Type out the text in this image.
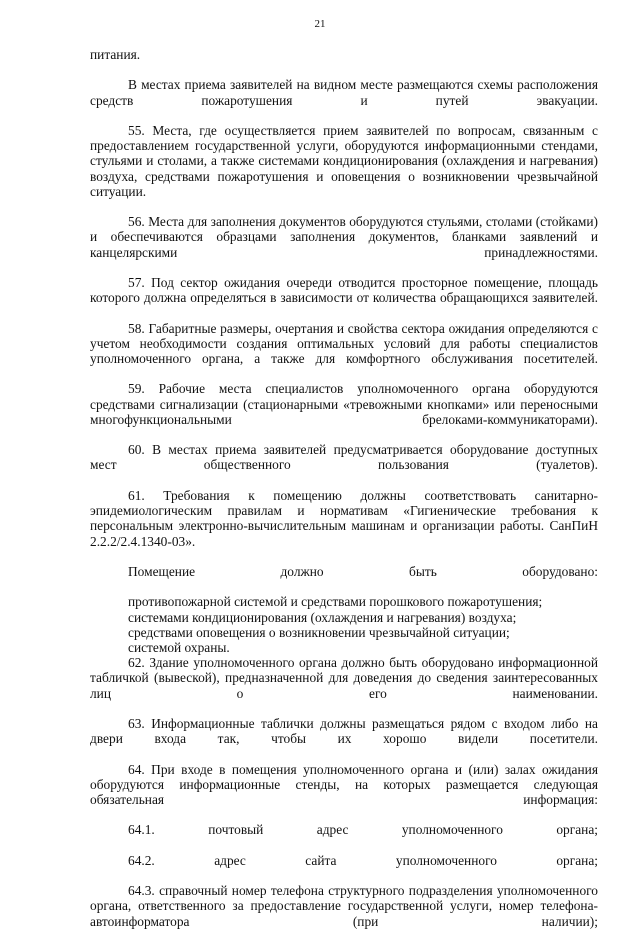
21

питания.

В местах приема заявителей на видном месте размещаются схемы расположения средств пожаротушения и путей эвакуации.

55. Места, где осуществляется прием заявителей по вопросам, связанным с предоставлением государственной услуги, оборудуются информационными стендами, стульями и столами, а также системами кондиционирования (охлаждения и нагревания) воздуха, средствами пожаротушения и оповещения о возникновении чрезвычайной ситуации.

56. Места для заполнения документов оборудуются стульями, столами (стойками) и обеспечиваются образцами заполнения документов, бланками заявлений и канцелярскими принадлежностями.

57. Под сектор ожидания очереди отводится просторное помещение, площадь которого должна определяться в зависимости от количества обращающихся заявителей.

58. Габаритные размеры, очертания и свойства сектора ожидания определяются с учетом необходимости создания оптимальных условий для работы специалистов уполномоченного органа, а также для комфортного обслуживания посетителей.

59. Рабочие места специалистов уполномоченного органа оборудуются средствами сигнализации (стационарными «тревожными кнопками» или переносными многофункциональными брелоками-коммуникаторами).

60. В местах приема заявителей предусматривается оборудование доступных мест общественного пользования (туалетов).

61. Требования к помещению должны соответствовать санитарно-эпидемиологическим правилам и нормативам «Гигиенические требования к персональным электронно-вычислительным машинам и организации работы. СанПиН 2.2.2/2.4.1340-03».

Помещение должно быть оборудовано:

противопожарной системой и средствами порошкового пожаротушения;

системами кондиционирования (охлаждения и нагревания) воздуха;

средствами оповещения о возникновении чрезвычайной ситуации;

системой охраны.

62. Здание уполномоченного органа должно быть оборудовано информационной табличкой (вывеской), предназначенной для доведения до сведения заинтересованных лиц о его наименовании.

63. Информационные таблички должны размещаться рядом с входом либо на двери входа так, чтобы их хорошо видели посетители.

64. При входе в помещения уполномоченного органа и (или) залах ожидания оборудуются информационные стенды, на которых размещается следующая обязательная информация:

64.1. почтовый адрес уполномоченного органа;

64.2. адрес сайта уполномоченного органа;

64.3. справочный номер телефона структурного подразделения уполномоченного органа, ответственного за предоставление государственной услуги, номер телефона-автоинформатора (при наличии);
